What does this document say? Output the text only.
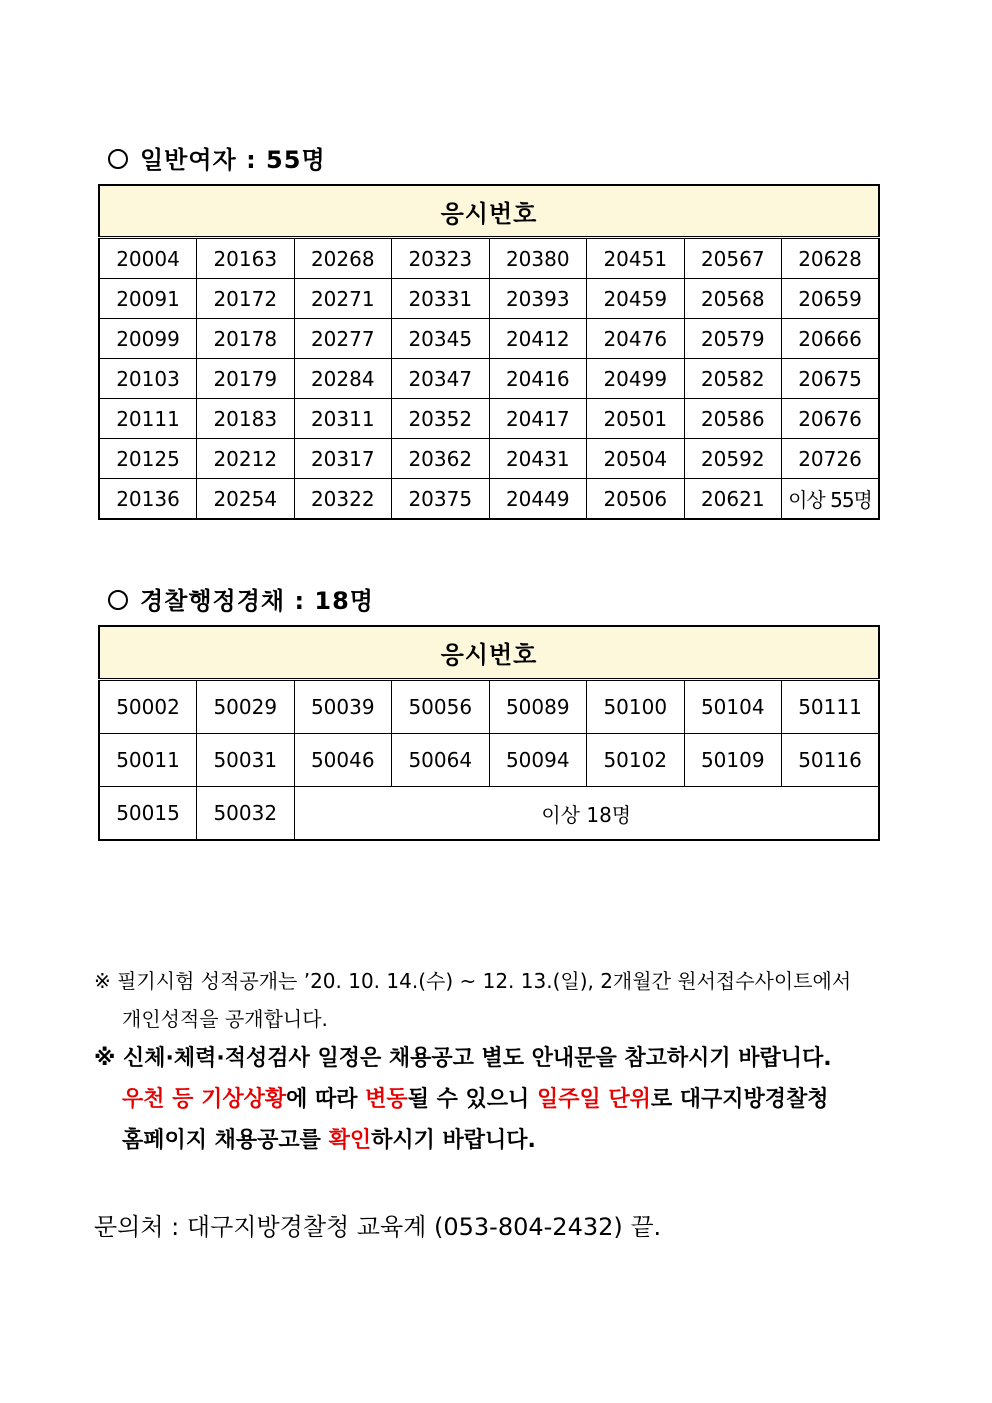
일반여자 : 55명
응시번호							
20004	20163	20268	20323	20380	20451	20567	20628
20091	20172	20271	20331	20393	20459	20568	20659
20099	20178	20277	20345	20412	20476	20579	20666
20103	20179	20284	20347	20416	20499	20582	20675
20111	20183	20311	20352	20417	20501	20586	20676
20125	20212	20317	20362	20431	20504	20592	20726
20136	20254	20322	20375	20449	20506	20621	이상 55명
경찰행정경채 : 18명
응시번호							
50002	50029	50039	50056	50089	50100	50104	50111
50011	50031	50046	50064	50094	50102	50109	50116
50015	50032	이상 18명					
※ 필기시험 성적공개는 ’20. 10. 14.(수) ~ 12. 13.(일), 2개월간 원서접수사이트에서
개인성적을 공개합니다.
※ 신체·체력·적성검사 일정은 채용공고 별도 안내문을 참고하시기 바랍니다.
우천 등 기상상황에 따라 변동될 수 있으니 일주일 단위로 대구지방경찰청
홈페이지 채용공고를 확인하시기 바랍니다.
문의처 : 대구지방경찰청 교육계 (053-804-2432) 끝.
